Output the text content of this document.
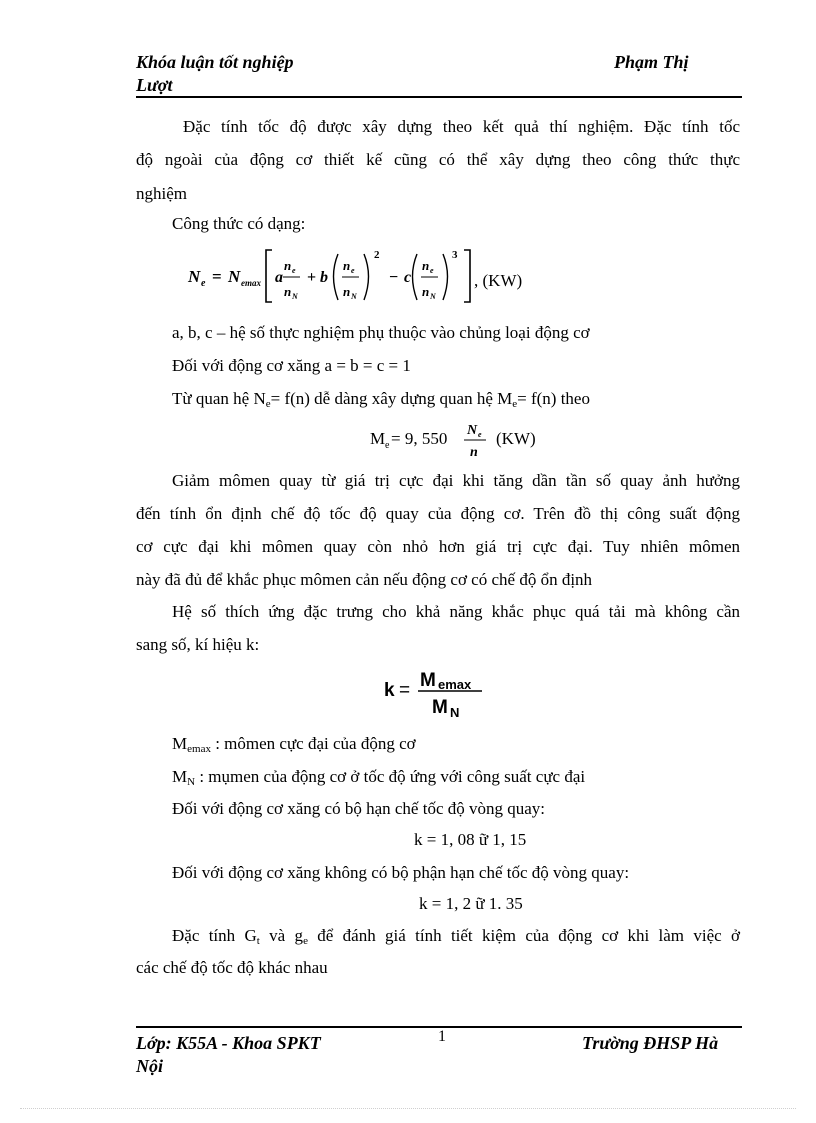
Khóa luận tốt nghiệp
Lượt
Phạm Thị
Đặc tính tốc độ được xây dựng theo kết quả thí nghiệm. Đặc tính tốc
độ ngoài của động cơ thiết kế cũng có thể xây dựng theo công thức thực
nghiệm
Công thức có dạng:
N e = N emax a
n e
n N
+ b
n e
n N
2
− c
n e
n N
3
, (KW)
a, b, c – hệ số thực nghiệm phụ thuộc vào chủng loại động cơ
Đối với động cơ xăng a = b = c = 1
Từ quan hệ $N_e= f(n)$ dễ dàng xây dựng quan hệ $M_e= f(n)$ theo
M e = 9, 550 N e
n
(KW)
Giảm mômen quay từ giá trị cực đại khi tăng dần tần số quay ảnh hưởng
đến tính ổn định chế độ tốc độ quay của động cơ. Trên đồ thị công suất động
cơ cực đại khi mômen quay còn nhỏ hơn giá trị cực đại. Tuy nhiên mômen
này đã đủ để khắc phục mômen cản nếu động cơ có chế độ ổn định
Hệ số thích ứng đặc trưng cho khả năng khắc phục quá tải mà không cần
sang số, kí hiệu k:
k = M emax
M N
$M_{emax}$ : mômen cực đại của động cơ
$M_N$ : mụmen của động cơ ở tốc độ ứng với công suất cực đại
Đối với động cơ xăng có bộ hạn chế tốc độ vòng quay:
k = 1, 08 ữ 1, 15
Đối với động cơ xăng không có bộ phận hạn chế tốc độ vòng quay:
k = 1, 2 ữ 1. 35
Đặc tính $G_t$ và $g_e$ để đánh giá tính tiết kiệm của động cơ khi làm việc ở
các chế độ tốc độ khác nhau
Lớp: K55A - Khoa SPKT
Nội
1	Trường ĐHSP Hà
